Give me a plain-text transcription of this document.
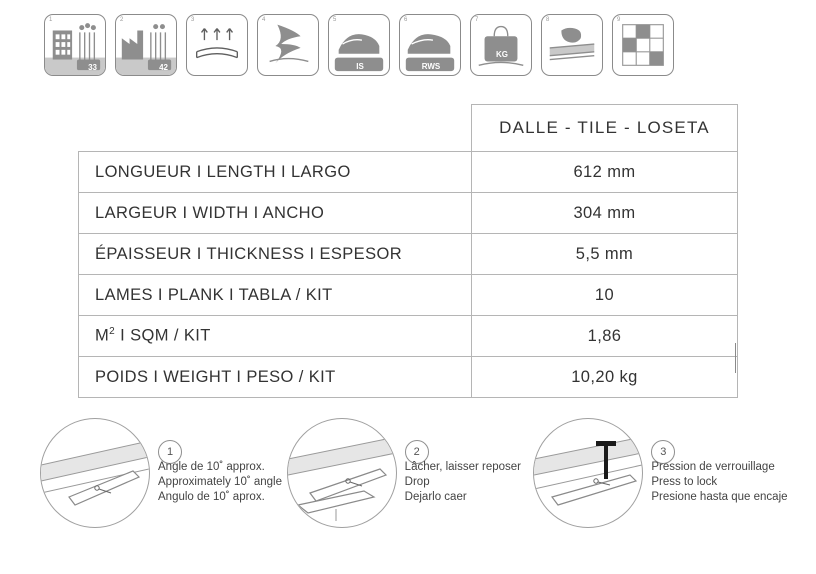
1
33
2
42
3	4	5
IS
6
RWS
7
KG
8	9
	DALLE - TILE - LOSETA
LONGUEUR I LENGTH I LARGO	612 mm
LARGEUR I WIDTH I ANCHO	304 mm
ÉPAISSEUR I THICKNESS I ESPESOR	5,5 mm
LAMES I PLANK I TABLA / KIT	10
$M^2$ I SQM / KIT	1,86
POIDS I WEIGHT I PESO / KIT	10,20 kg
1
Angle de 10˚ approx.
Approximately 10˚ angle
Angulo de 10˚ aprox.
2
Lâcher, laisser reposer
Drop
Dejarlo caer
3
Pression de verrouillage
Press to lock
Presione hasta que encaje
